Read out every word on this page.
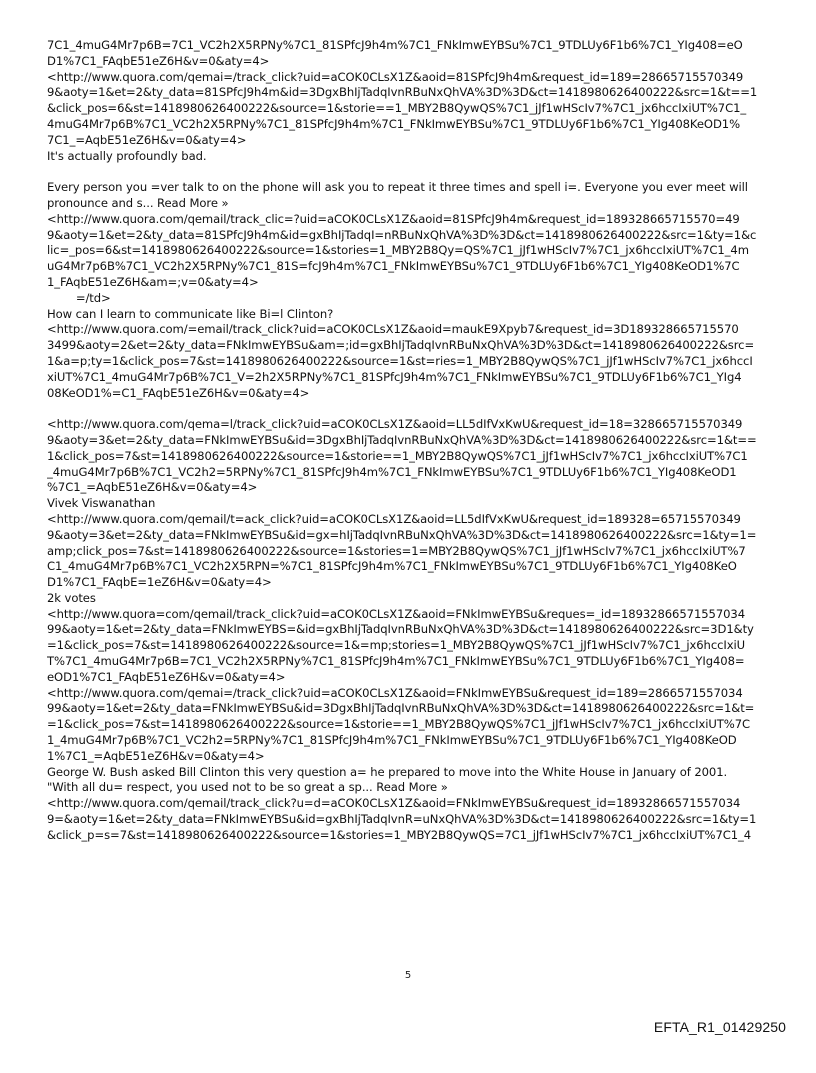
7C1_4muG4Mr7p6B=7C1_VC2h2X5RPNy%7C1_81SPfcJ9h4m%7C1_FNkImwEYBSu%7C1_9TDLUy6F1b6%7C1_YIg408=eO
D1%7C1_FAqbE51eZ6H&v=0&aty=4>
<http://www.quora.com/qemai=/track_click?uid=aCOK0CLsX1Z&aoid=81SPfcJ9h4m&request_id=189=28665715570349
9&aoty=1&et=2&ty_data=81SPfcJ9h4m&id=3DgxBhIjTadqIvnRBuNxQhVA%3D%3D&ct=1418980626400222&src=1&t==1
&click_pos=6&st=1418980626400222&source=1&storie==1_MBY2B8QywQS%7C1_jJf1wHScIv7%7C1_jx6hccIxiUT%7C1_
4muG4Mr7p6B%7C1_VC2h2X5RPNy%7C1_81SPfcJ9h4m%7C1_FNkImwEYBSu%7C1_9TDLUy6F1b6%7C1_YIg408KeOD1%
7C1_=AqbE51eZ6H&v=0&aty=4>
It's actually profoundly bad.
Every person you =ver talk to on the phone will ask you to repeat it three times and spell i=. Everyone you ever meet will
pronounce and s... Read More »
<http://www.quora.com/qemail/track_clic=?uid=aCOK0CLsX1Z&aoid=81SPfcJ9h4m&request_id=189328665715570=49
9&aoty=1&et=2&ty_data=81SPfcJ9h4m&id=gxBhIjTadqI=nRBuNxQhVA%3D%3D&ct=1418980626400222&src=1&ty=1&c
lic=_pos=6&st=1418980626400222&source=1&stories=1_MBY2B8Qy=QS%7C1_jJf1wHScIv7%7C1_jx6hccIxiUT%7C1_4m
uG4Mr7p6B%7C1_VC2h2X5RPNy%7C1_81S=fcJ9h4m%7C1_FNkImwEYBSu%7C1_9TDLUy6F1b6%7C1_YIg408KeOD1%7C
1_FAqbE51eZ6H&am=;v=0&aty=4>
=/td>
How can I learn to communicate like Bi=l Clinton?
<http://www.quora.com/=email/track_click?uid=aCOK0CLsX1Z&aoid=maukE9Xpyb7&request_id=3D189328665715570
3499&aoty=2&et=2&ty_data=FNkImwEYBSu&am=;id=gxBhIjTadqIvnRBuNxQhVA%3D%3D&ct=1418980626400222&src=
1&a=p;ty=1&click_pos=7&st=1418980626400222&source=1&st=ries=1_MBY2B8QywQS%7C1_jJf1wHScIv7%7C1_jx6hccI
xiUT%7C1_4muG4Mr7p6B%7C1_V=2h2X5RPNy%7C1_81SPfcJ9h4m%7C1_FNkImwEYBSu%7C1_9TDLUy6F1b6%7C1_YIg4
08KeOD1%=C1_FAqbE51eZ6H&v=0&aty=4>
<http://www.quora.com/qema=l/track_click?uid=aCOK0CLsX1Z&aoid=LL5dIfVxKwU&request_id=18=328665715570349
9&aoty=3&et=2&ty_data=FNkImwEYBSu&id=3DgxBhIjTadqIvnRBuNxQhVA%3D%3D&ct=1418980626400222&src=1&t==
1&click_pos=7&st=1418980626400222&source=1&storie==1_MBY2B8QywQS%7C1_jJf1wHScIv7%7C1_jx6hccIxiUT%7C1
_4muG4Mr7p6B%7C1_VC2h2=5RPNy%7C1_81SPfcJ9h4m%7C1_FNkImwEYBSu%7C1_9TDLUy6F1b6%7C1_YIg408KeOD1
%7C1_=AqbE51eZ6H&v=0&aty=4>
Vivek Viswanathan
<http://www.quora.com/qemail/t=ack_click?uid=aCOK0CLsX1Z&aoid=LL5dIfVxKwU&request_id=189328=65715570349
9&aoty=3&et=2&ty_data=FNkImwEYBSu&id=gx=hIjTadqIvnRBuNxQhVA%3D%3D&ct=1418980626400222&src=1&ty=1=
amp;click_pos=7&st=1418980626400222&source=1&stories=1=MBY2B8QywQS%7C1_jJf1wHScIv7%7C1_jx6hccIxiUT%7
C1_4muG4Mr7p6B%7C1_VC2h2X5RPN=%7C1_81SPfcJ9h4m%7C1_FNkImwEYBSu%7C1_9TDLUy6F1b6%7C1_YIg408KeO
D1%7C1_FAqbE=1eZ6H&v=0&aty=4>
2k votes
<http://www.quora=com/qemail/track_click?uid=aCOK0CLsX1Z&aoid=FNkImwEYBSu&reques=_id=18932866571557034
99&aoty=1&et=2&ty_data=FNkImwEYBS=&id=gxBhIjTadqIvnRBuNxQhVA%3D%3D&ct=1418980626400222&src=3D1&ty
=1&click_pos=7&st=1418980626400222&source=1&=mp;stories=1_MBY2B8QywQS%7C1_jJf1wHScIv7%7C1_jx6hccIxiU
T%7C1_4muG4Mr7p6B=7C1_VC2h2X5RPNy%7C1_81SPfcJ9h4m%7C1_FNkImwEYBSu%7C1_9TDLUy6F1b6%7C1_YIg408=
eOD1%7C1_FAqbE51eZ6H&v=0&aty=4>
<http://www.quora.com/qemai=/track_click?uid=aCOK0CLsX1Z&aoid=FNkImwEYBSu&request_id=189=2866571557034
99&aoty=1&et=2&ty_data=FNkImwEYBSu&id=3DgxBhIjTadqIvnRBuNxQhVA%3D%3D&ct=1418980626400222&src=1&t=
=1&click_pos=7&st=1418980626400222&source=1&storie==1_MBY2B8QywQS%7C1_jJf1wHScIv7%7C1_jx6hccIxiUT%7C
1_4muG4Mr7p6B%7C1_VC2h2=5RPNy%7C1_81SPfcJ9h4m%7C1_FNkImwEYBSu%7C1_9TDLUy6F1b6%7C1_YIg408KeOD
1%7C1_=AqbE51eZ6H&v=0&aty=4>
George W. Bush asked Bill Clinton this very question a= he prepared to move into the White House in January of 2001.
"With all du= respect, you used not to be so great a sp... Read More »
<http://www.quora.com/qemail/track_click?u=d=aCOK0CLsX1Z&aoid=FNkImwEYBSu&request_id=18932866571557034
9=&aoty=1&et=2&ty_data=FNkImwEYBSu&id=gxBhIjTadqIvnR=uNxQhVA%3D%3D&ct=1418980626400222&src=1&ty=1
&click_p=s=7&st=1418980626400222&source=1&stories=1_MBY2B8QywQS=7C1_jJf1wHScIv7%7C1_jx6hccIxiUT%7C1_4
5
EFTA_R1_01429250
